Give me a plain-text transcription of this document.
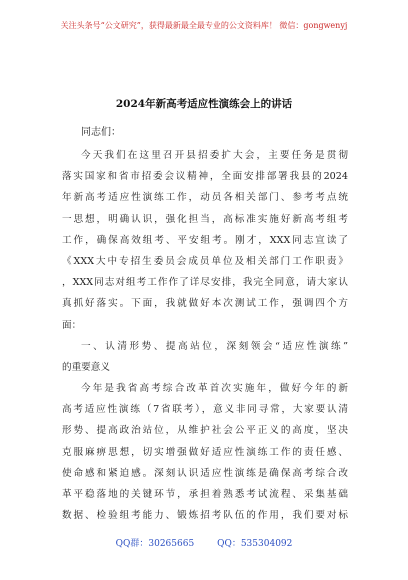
关注头条号“公文研究”，获得最新最全最专业的公文资料库！ 微信：gongwenyj
2024年新高考适应性演练会上的讲话
同志们：
今天我们在这里召开县招委扩大会，主要任务是贯彻
落实国家和省市招委会议精神，全面安排部署我县的2024
年新高考适应性演练工作，动员各相关部门、参考考点统
一思想，明确认识，强化担当，高标准实施好新高考组考
工作，确保高效组考、平安组考。刚才，XXX同志宣读了
《XXX大中专招生委员会成员单位及相关部门工作职责》
，XXX同志对组考工作作了详尽安排，我完全同意，请大家认
真抓好落实。下面，我就做好本次测试工作，强调四个方
面：
一、认清形势、提高站位，深刻领会“适应性演练”
的重要意义
今年是我省高考综合改革首次实施年，做好今年的新
高考适应性演练（7省联考），意义非同寻常，大家要认清
形势、提高政治站位，从维护社会公平正义的高度，坚决
克服麻痹思想，切实增强做好适应性演练工作的责任感、
使命感和紧迫感。深刻认识适应性演练是确保高考综合改
革平稳落地的关键环节，承担着熟悉考试流程、采集基础
数据、检验组考能力、锻炼招考队伍的作用，我们要对标
QQ群：30265665	QQ：535304092
